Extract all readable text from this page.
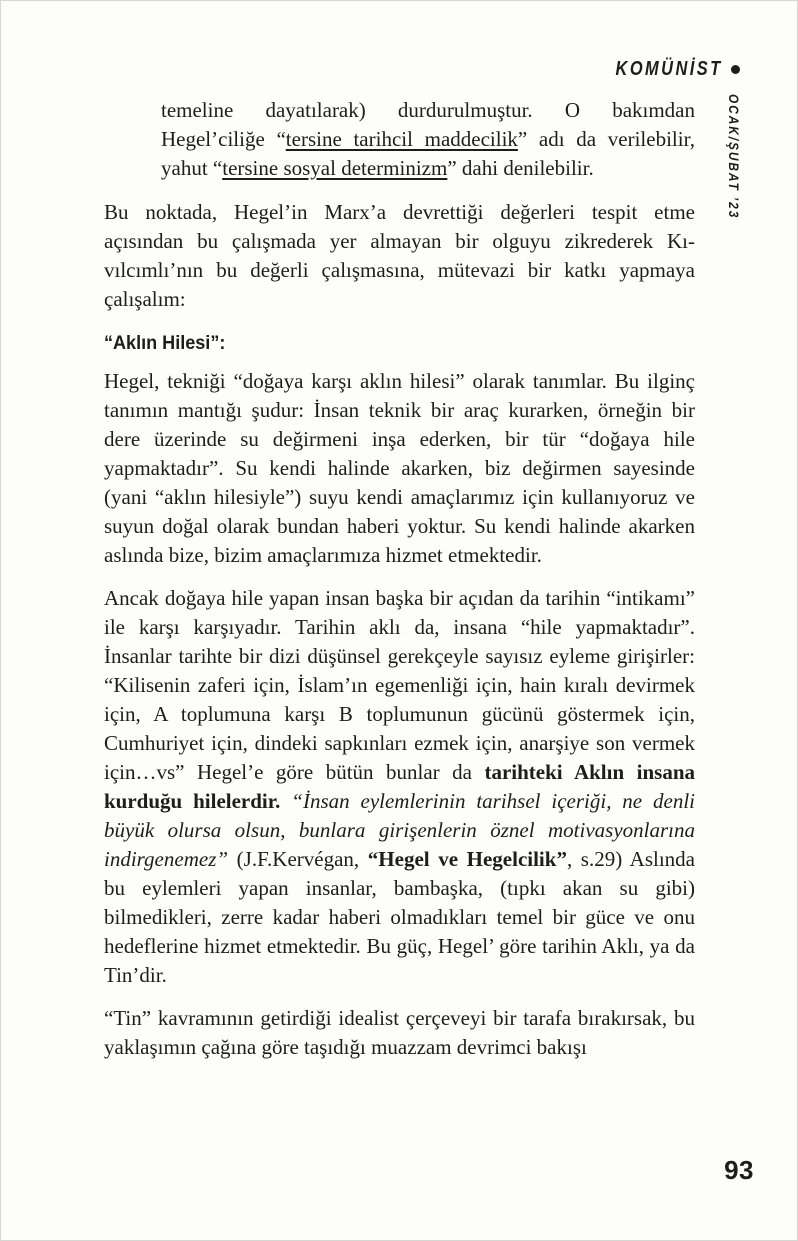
KOMÜNİST
OCAK/ŞUBAT ’23

temeline dayatılarak) durdurulmuştur. O bakımdan Hegel’ciliğe “tersine tarihcil maddecilik” adı da verilebilir, yahut “tersine sosyal determinizm” dahi denilebilir.

Bu noktada, Hegel’in Marx’a devrettiği değerleri tespit etme açısından bu çalışmada yer almayan bir olguyu zikrederek Kıvılcımlı’nın bu değerli çalışmasına, mütevazi bir katkı yapmaya çalışalım:

“Aklın Hilesi”:

Hegel, tekniği “doğaya karşı aklın hilesi” olarak tanımlar. Bu ilginç tanımın mantığı şudur: İnsan teknik bir araç kurarken, örneğin bir dere üzerinde su değirmeni inşa ederken, bir tür “doğaya hile yapmaktadır”. Su kendi halinde akarken, biz değirmen sayesinde (yani “aklın hilesiyle”) suyu kendi amaçlarımız için kullanıyoruz ve suyun doğal olarak bundan haberi yoktur. Su kendi halinde akarken aslında bize, bizim amaçlarımıza hizmet etmektedir.

Ancak doğaya hile yapan insan başka bir açıdan da tarihin “intikamı” ile karşı karşıyadır. Tarihin aklı da, insana “hile yapmaktadır”. İnsanlar tarihte bir dizi düşünsel gerekçeyle sayısız eyleme girişirler: “Kilisenin zaferi için, İslam’ın egemenliği için, hain kıralı devirmek için, A toplumuna karşı B toplumunun gücünü göstermek için, Cumhuriyet için, dindeki sapkınları ezmek için, anarşiye son vermek için…vs” Hegel’e göre bütün bunlar da tarihteki Aklın insana kurduğu hilelerdir. “İnsan eylemlerinin tarihsel içeriği, ne denli büyük olursa olsun, bunlara girişenlerin öznel motivasyonlarına indirgenemez” (J.F.Kervégan, “Hegel ve Hegelcilik”, s.29) Aslında bu eylemleri yapan insanlar, bambaşka, (tıpkı akan su gibi) bilmedikleri, zerre kadar haberi olmadıkları temel bir güce ve onu hedeflerine hizmet etmektedir. Bu güç, Hegel’ göre tarihin Aklı, ya da Tin’dir.

“Tin” kavramının getirdiği idealist çerçeveyi bir tarafa bırakırsak, bu yaklaşımın çağına göre taşıdığı muazzam devrimci bakışı

93
